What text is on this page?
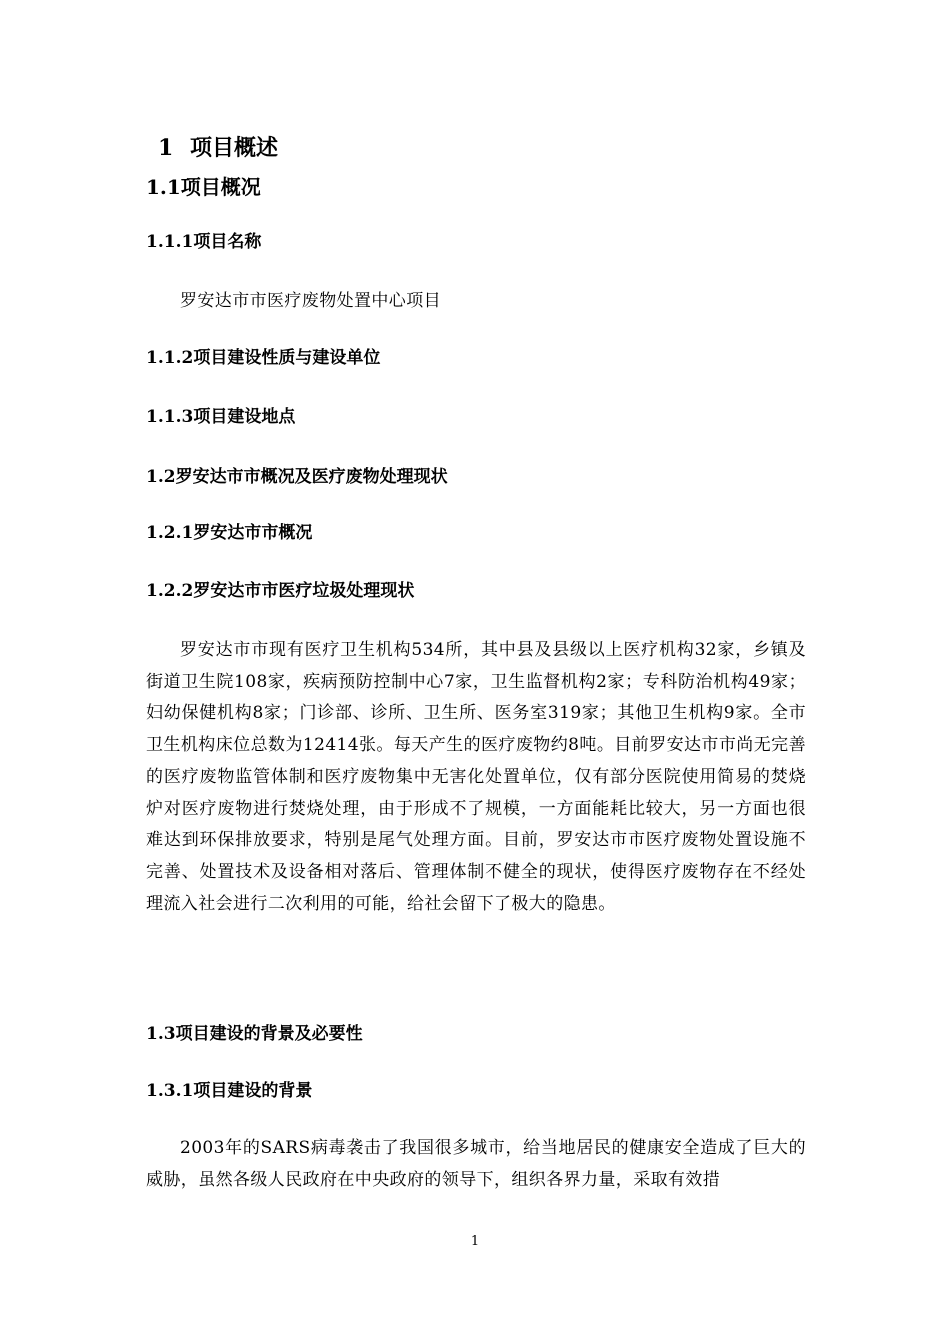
1 项目概述
1.1项目概况
1.1.1项目名称
罗安达市市医疗废物处置中心项目
1.1.2项目建设性质与建设单位
1.1.3项目建设地点
1.2罗安达市市概况及医疗废物处理现状
1.2.1罗安达市市概况
1.2.2罗安达市市医疗垃圾处理现状
罗安达市市现有医疗卫生机构534所，其中县及县级以上医疗机构32家，乡镇及街道卫生院108家，疾病预防控制中心7家，卫生监督机构2家；专科防治机构49家；妇幼保健机构8家；门诊部、诊所、卫生所、医务室319家；其他卫生机构9家。全市卫生机构床位总数为12414张。每天产生的医疗废物约8吨。目前罗安达市市尚无完善的医疗废物监管体制和医疗废物集中无害化处置单位，仅有部分医院使用简易的焚烧炉对医疗废物进行焚烧处理，由于形成不了规模，一方面能耗比较大，另一方面也很难达到环保排放要求，特别是尾气处理方面。目前，罗安达市市医疗废物处置设施不完善、处置技术及设备相对落后、管理体制不健全的现状，使得医疗废物存在不经处理流入社会进行二次利用的可能，给社会留下了极大的隐患。
1.3项目建设的背景及必要性
1.3.1项目建设的背景
2003年的SARS病毒袭击了我国很多城市，给当地居民的健康安全造成了巨大的威胁，虽然各级人民政府在中央政府的领导下，组织各界力量，采取有效措
1
